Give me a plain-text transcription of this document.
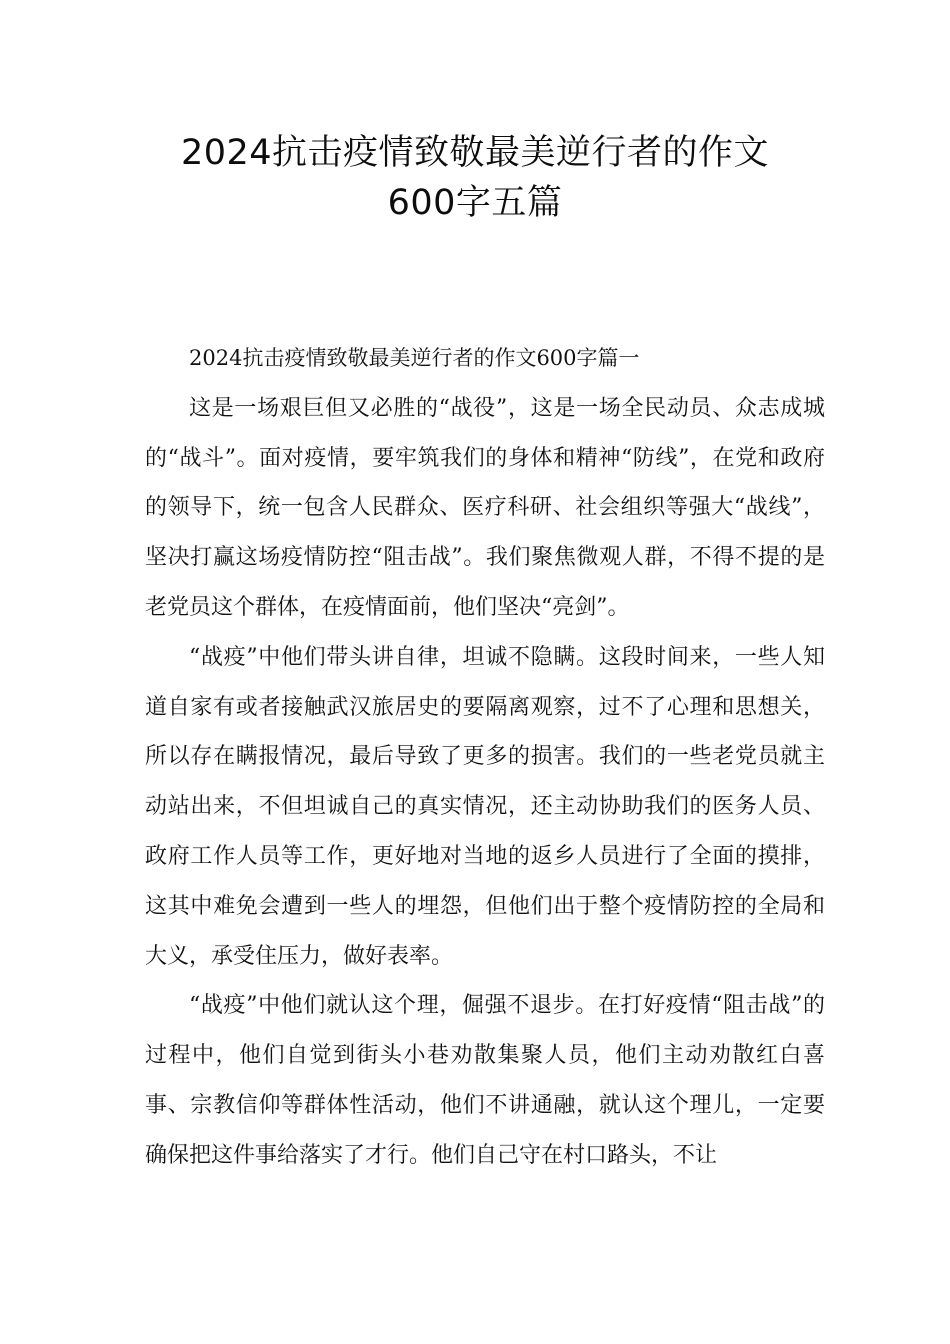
2024抗击疫情致敬最美逆行者的作文
600字五篇

2024抗击疫情致敬最美逆行者的作文600字篇一

这是一场艰巨但又必胜的“战役”，这是一场全民动员、众志成城的“战斗”。面对疫情，要牢筑我们的身体和精神“防线”，在党和政府的领导下，统一包含人民群众、医疗科研、社会组织等强大“战线”，坚决打赢这场疫情防控“阻击战”。我们聚焦微观人群，不得不提的是老党员这个群体，在疫情面前，他们坚决“亮剑”。

“战疫”中他们带头讲自律，坦诚不隐瞒。这段时间来，一些人知道自家有或者接触武汉旅居史的要隔离观察，过不了心理和思想关，所以存在瞒报情况，最后导致了更多的损害。我们的一些老党员就主动站出来，不但坦诚自己的真实情况，还主动协助我们的医务人员、政府工作人员等工作，更好地对当地的返乡人员进行了全面的摸排，这其中难免会遭到一些人的埋怨，但他们出于整个疫情防控的全局和大义，承受住压力，做好表率。

“战疫”中他们就认这个理，倔强不退步。在打好疫情“阻击战”的过程中，他们自觉到街头小巷劝散集聚人员，他们主动劝散红白喜事、宗教信仰等群体性活动，他们不讲通融，就认这个理儿，一定要确保把这件事给落实了才行。他们自己守在村口路头，不让
